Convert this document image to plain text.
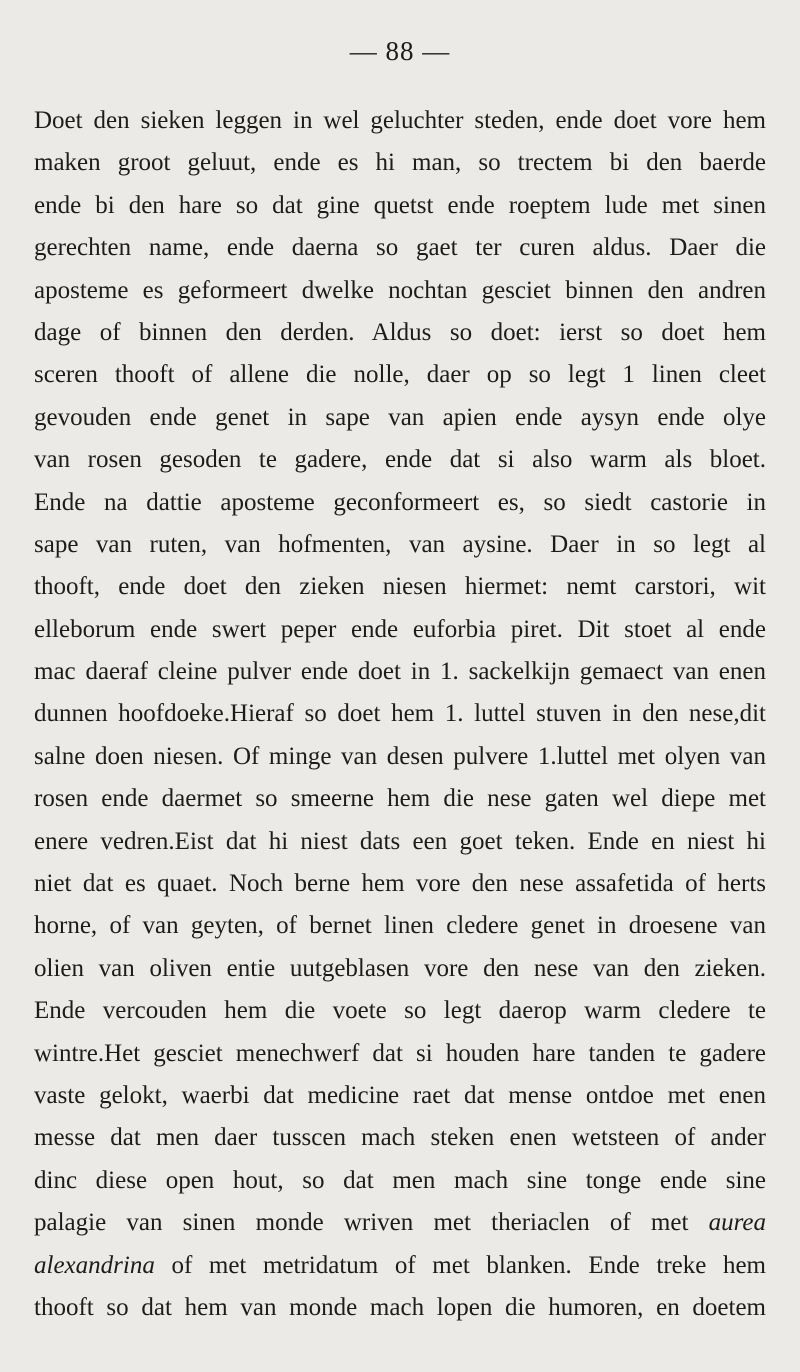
— 88 —
Doet den sieken leggen in wel geluchter steden, ende doet vore hem
maken groot geluut, ende es hi man, so trectem bi den baerde
ende bi den hare so dat gine quetst ende roeptem lude met sinen
gerechten name, ende daerna so gaet ter curen aldus. Daer die
aposteme es geformeert dwelke nochtan gesciet binnen den andren
dage of binnen den derden. Aldus so doet: ierst so doet hem
sceren thooft of allene die nolle, daer op so legt 1 linen cleet
gevouden ende genet in sape van apien ende aysyn ende olye
van rosen gesoden te gadere, ende dat si also warm als bloet.
Ende na dattie aposteme geconformeert es, so siedt castorie in
sape van ruten, van hofmenten, van aysine. Daer in so legt al
thooft, ende doet den zieken niesen hiermet: nemt carstori, wit
elleborum ende swert peper ende euforbia piret. Dit stoet al ende
mac daeraf cleine pulver ende doet in 1. sackelkijn gemaect van enen
dunnen hoofdoeke.Hieraf so doet hem 1. luttel stuven in den nese,dit
salne doen niesen. Of minge van desen pulvere 1.luttel met olyen van
rosen ende daermet so smeerne hem die nese gaten wel diepe met
enere vedren.Eist dat hi niest dats een goet teken. Ende en niest hi
niet dat es quaet. Noch berne hem vore den nese assafetida of herts
horne, of van geyten, of bernet linen cledere genet in droesene van
olien van oliven entie uutgeblasen vore den nese van den zieken.
Ende vercouden hem die voete so legt daerop warm cledere te
wintre.Het gesciet menechwerf dat si houden hare tanden te gadere
vaste gelokt, waerbi dat medicine raet dat mense ontdoe met enen
messe dat men daer tusscen mach steken enen wetsteen of ander
dinc diese open hout, so dat men mach sine tonge ende sine
palagie van sinen monde wriven met theriaclen of met aurea
alexandrina of met metridatum of met blanken. Ende treke hem
thooft so dat hem van monde mach lopen die humoren, en doetem
